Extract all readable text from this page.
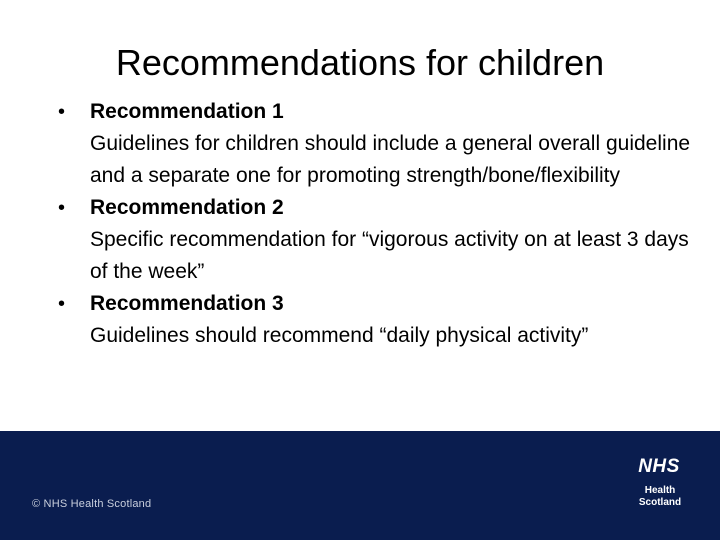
Recommendations for children
•	Recommendation 1
Guidelines for children should include a general overall guideline and a separate one for promoting strength/bone/flexibility
•	Recommendation 2
Specific recommendation for “vigorous activity on at least 3 days of the week”
•	Recommendation 3
Guidelines should recommend “daily physical activity”
© NHS Health Scotland
NHS
Health
Scotland
